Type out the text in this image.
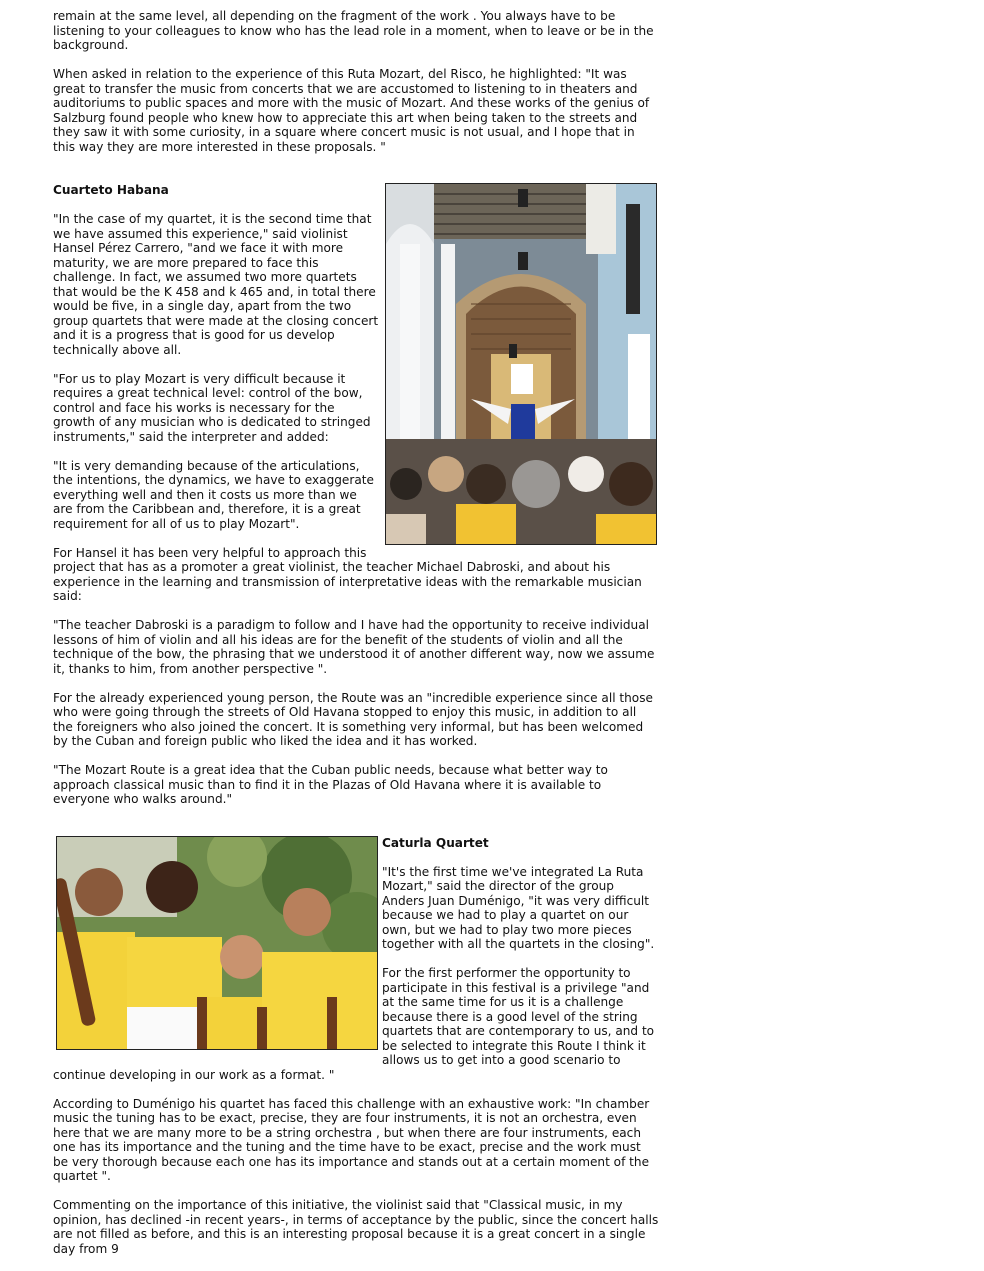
remain at the same level, all depending on the fragment of the work . You always have to be listening to your colleagues to know who has the lead role in a moment, when to leave or be in the background.

When asked in relation to the experience of this Ruta Mozart, del Risco, he highlighted: "It was great to transfer the music from concerts that we are accustomed to listening to in theaters and auditoriums to public spaces and more with the music of Mozart. And these works of the genius of Salzburg found people who knew how to appreciate this art when being taken to the streets and they saw it with some curiosity, in a square where concert music is not usual, and I hope that in this way they are more interested in these proposals. "

Cuarteto Habana

"In the case of my quartet, it is the second time that we have assumed this experience," said violinist Hansel Pérez Carrero, "and we face it with more maturity, we are more prepared to face this challenge. In fact, we assumed two more quartets that would be the K 458 and k 465 and, in total there would be five, in a single day, apart from the two group quartets that were made at the closing concert and it is a progress that is good for us develop technically above all.

"For us to play Mozart is very difficult because it requires a great technical level: control of the bow, control and face his works is necessary for the growth of any musician who is dedicated to stringed instruments," said the interpreter and added:

"It is very demanding because of the articulations, the intentions, the dynamics, we have to exaggerate everything well and then it costs us more than we are from the Caribbean and, therefore, it is a great requirement for all of us to play Mozart".

For Hansel it has been very helpful to approach this project that has as a promoter a great violinist, the teacher Michael Dabroski, and about his experience in the learning and transmission of interpretative ideas with the remarkable musician said:

"The teacher Dabroski is a paradigm to follow and I have had the opportunity to receive individual lessons of him of violin and all his ideas are for the benefit of the students of violin and all the technique of the bow, the phrasing that we understood it of another different way, now we assume it, thanks to him, from another perspective ".

For the already experienced young person, the Route was an "incredible experience since all those who were going through the streets of Old Havana stopped to enjoy this music, in addition to all the foreigners who also joined the concert. It is something very informal, but has been welcomed by the Cuban and foreign public who liked the idea and it has worked.

"The Mozart Route is a great idea that the Cuban public needs, because what better way to approach classical music than to find it in the Plazas of Old Havana where it is available to everyone who walks around."

Caturla Quartet

"It's the first time we've integrated La Ruta Mozart," said the director of the group Anders Juan Duménigo, "it was very difficult because we had to play a quartet on our own, but we had to play two more pieces together with all the quartets in the closing".

For the first performer the opportunity to participate in this festival is a privilege "and at the same time for us it is a challenge because there is a good level of the string quartets that are contemporary to us, and to be selected to integrate this Route I think it allows us to get into a good scenario to continue developing in our work as a format. "

According to Duménigo his quartet has faced this challenge with an exhaustive work: "In chamber music the tuning has to be exact, precise, they are four instruments, it is not an orchestra, even here that we are many more to be a string orchestra , but when there are four instruments, each one has its importance and the tuning and the time have to be exact, precise and the work must be very thorough because each one has its importance and stands out at a certain moment of the quartet ".

Commenting on the importance of this initiative, the violinist said that "Classical music, in my opinion, has declined -in recent years-, in terms of acceptance by the public, since the concert halls are not filled as before, and this is an interesting proposal because it is a great concert in a single day from 9
